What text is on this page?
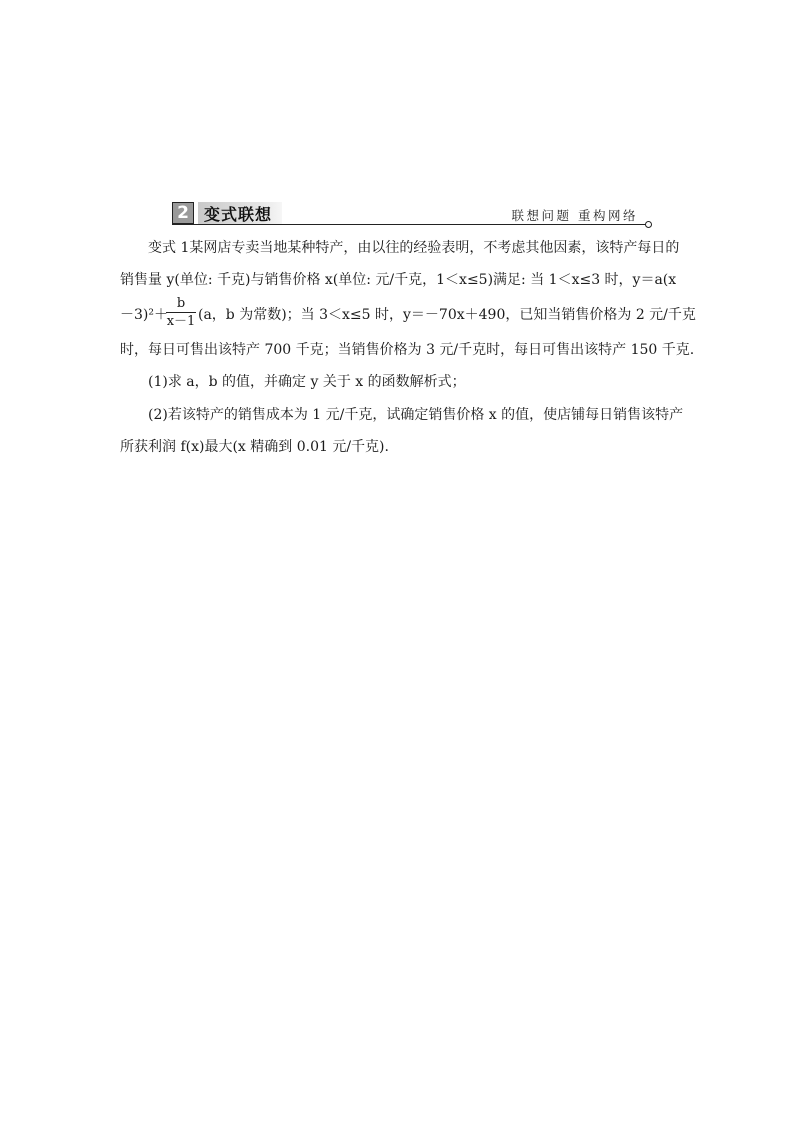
2 变式联想	联想问题 重构网络
变式 1某网店专卖当地某种特产，由以往的经验表明，不考虑其他因素，该特产每日的
销售量 y(单位: 千克)与销售价格 x(单位: 元/千克，1＜x≤5)满足: 当 1＜x≤3 时，y＝a(x
－3)²＋
b
x－1 (a，b 为常数)；当 3＜x≤5 时，y＝－70x＋490，已知当销售价格为 2 元/千克
时，每日可售出该特产 700 千克；当销售价格为 3 元/千克时，每日可售出该特产 150 千克.
(1)求 a，b 的值，并确定 y 关于 x 的函数解析式；
(2)若该特产的销售成本为 1 元/千克，试确定销售价格 x 的值，使店铺每日销售该特产
所获利润 f(x)最大(x 精确到 0.01 元/千克).
